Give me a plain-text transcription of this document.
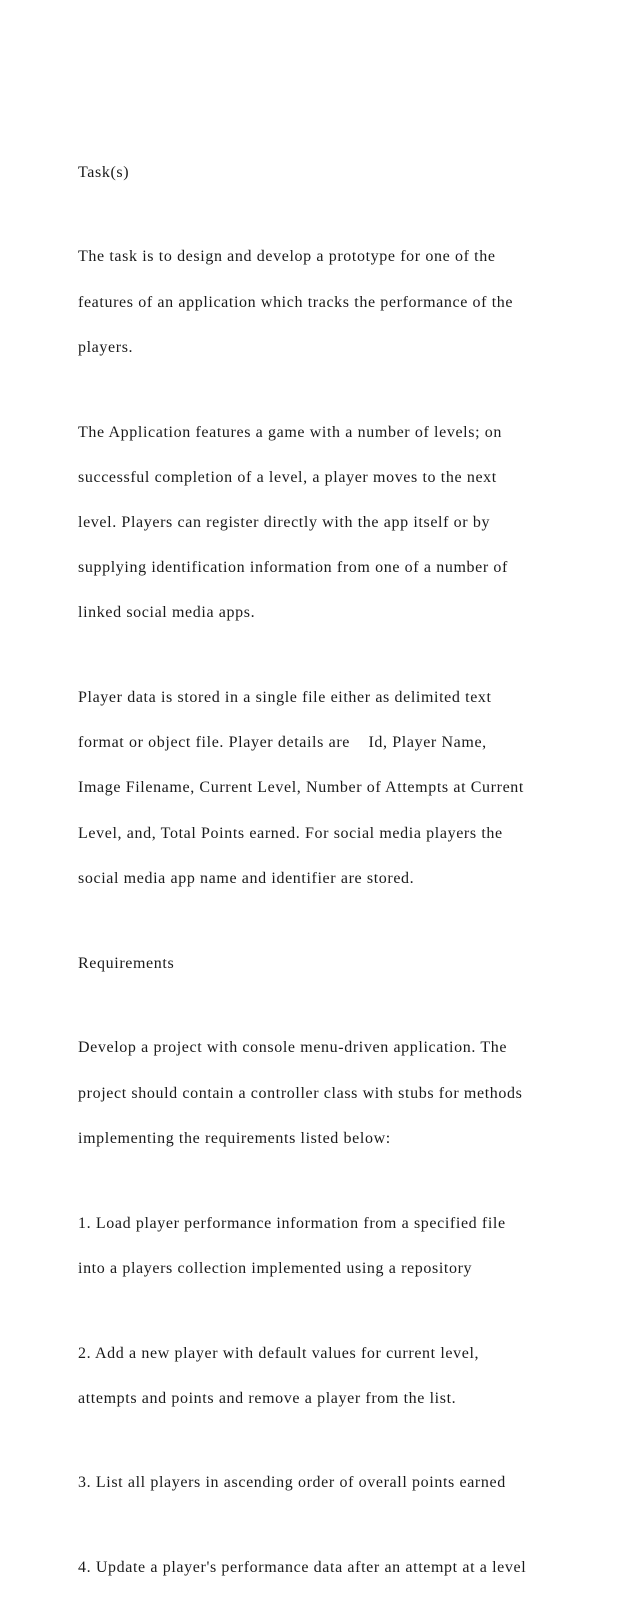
Task(s)

The task is to design and develop a prototype for one of the

features of an application which tracks the performance of the

players.

The Application features a game with a number of levels; on

successful completion of a level, a player moves to the next

level. Players can register directly with the app itself or by

supplying identification information from one of a number of

linked social media apps.

Player data is stored in a single file either as delimited text

format or object file. Player details are    Id, Player Name,

Image Filename, Current Level, Number of Attempts at Current

Level, and, Total Points earned. For social media players the

social media app name and identifier are stored.

Requirements

Develop a project with console menu-driven application. The

project should contain a controller class with stubs for methods

implementing the requirements listed below:

1. Load player performance information from a specified file

into a players collection implemented using a repository

2. Add a new player with default values for current level,

attempts and points and remove a player from the list.

3. List all players in ascending order of overall points earned

4. Update a player's performance data after an attempt at a level
